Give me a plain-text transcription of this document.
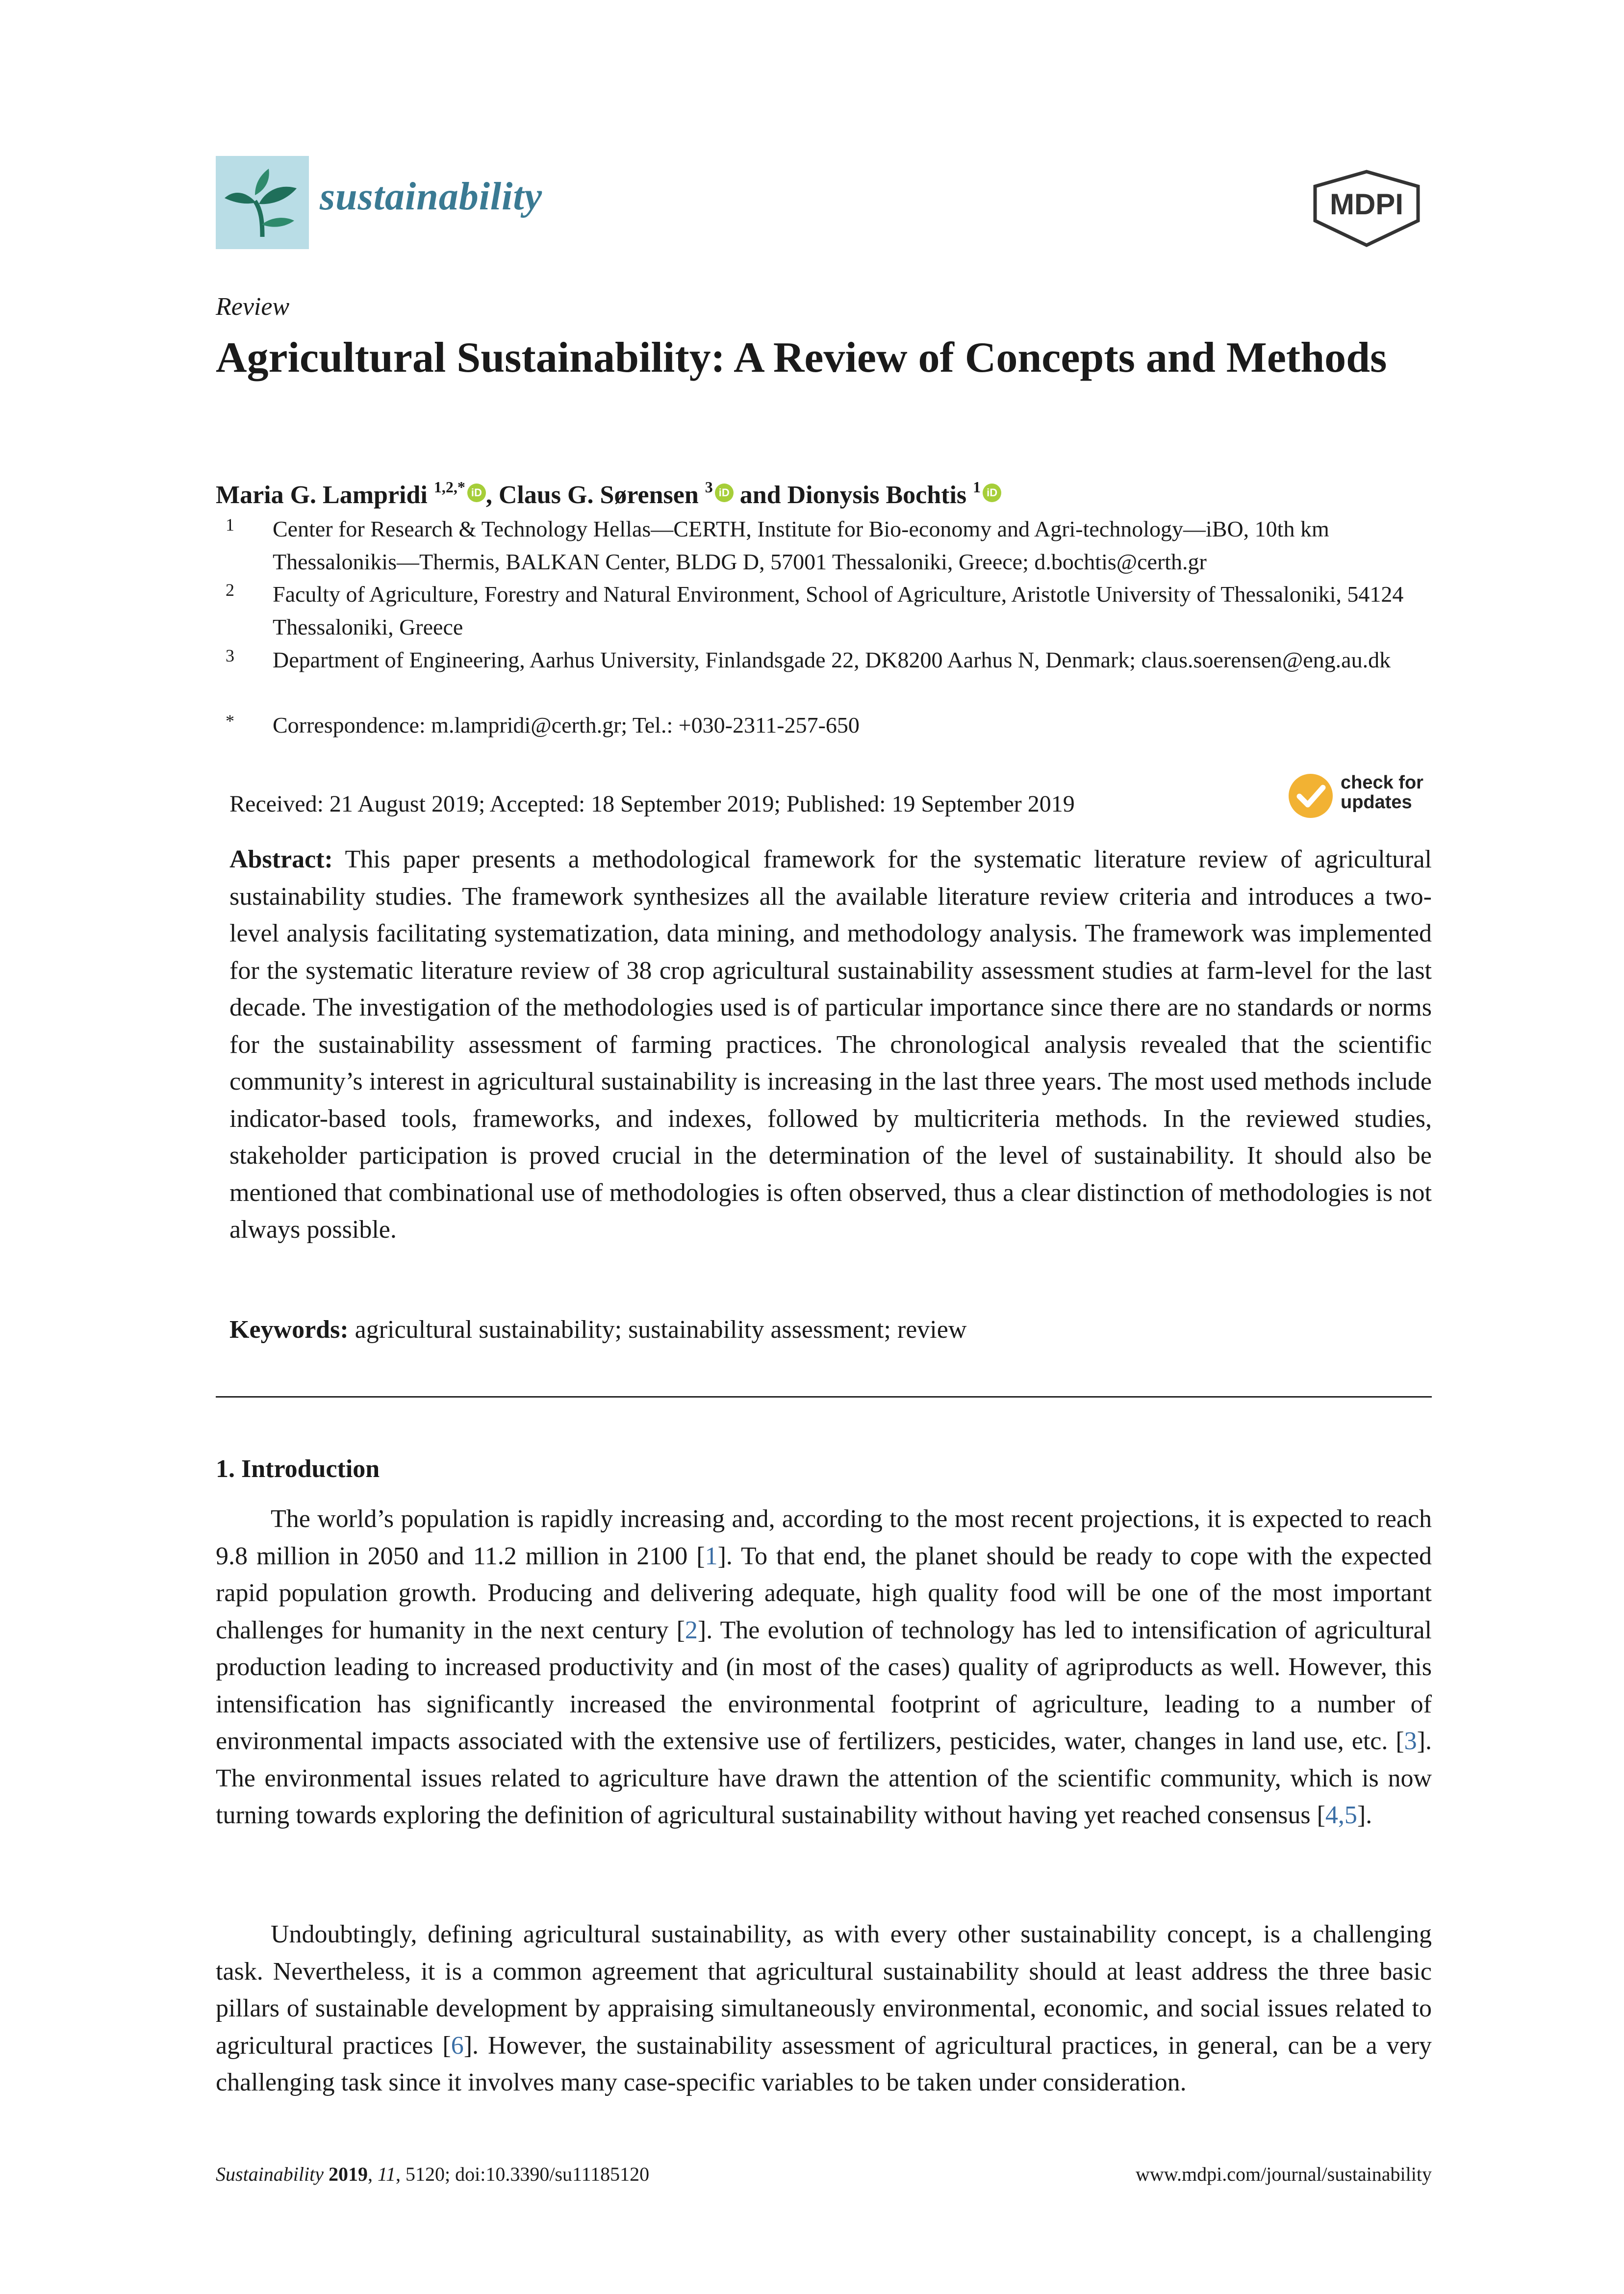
sustainability	MDPI
Review
Agricultural Sustainability: A Review of Concepts and Methods
Maria G. Lampridi $^{1,2,*}$ iD , Claus G. Sørensen $^3$ iD and Dionysis Bochtis $^1$ iD
1	Center for Research & Technology Hellas—CERTH, Institute for Bio-economy and Agri-technology—iBO, 10th km Thessalonikis—Thermis, BALKAN Center, BLDG D, 57001 Thessaloniki, Greece; d.bochtis@certh.gr
2	Faculty of Agriculture, Forestry and Natural Environment, School of Agriculture, Aristotle University of Thessaloniki, 54124 Thessaloniki, Greece
3	Department of Engineering, Aarhus University, Finlandsgade 22, DK8200 Aarhus N, Denmark; claus.soerensen@eng.au.dk
*	Correspondence: m.lampridi@certh.gr; Tel.: +030-2311-257-650
Received: 21 August 2019; Accepted: 18 September 2019; Published: 19 September 2019
check for
updates

Abstract: This paper presents a methodological framework for the systematic literature review of agricultural sustainability studies. The framework synthesizes all the available literature review criteria and introduces a two-level analysis facilitating systematization, data mining, and methodology analysis. The framework was implemented for the systematic literature review of 38 crop agricultural sustainability assessment studies at farm-level for the last decade. The investigation of the methodologies used is of particular importance since there are no standards or norms for the sustainability assessment of farming practices. The chronological analysis revealed that the scientific community’s interest in agricultural sustainability is increasing in the last three years. The most used methods include indicator-based tools, frameworks, and indexes, followed by multicriteria methods. In the reviewed studies, stakeholder participation is proved crucial in the determination of the level of sustainability. It should also be mentioned that combinational use of methodologies is often observed, thus a clear distinction of methodologies is not always possible.

Keywords: agricultural sustainability; sustainability assessment; review
1. Introduction

The world’s population is rapidly increasing and, according to the most recent projections, it is expected to reach 9.8 million in 2050 and 11.2 million in 2100 [1]. To that end, the planet should be ready to cope with the expected rapid population growth. Producing and delivering adequate, high quality food will be one of the most important challenges for humanity in the next century [2]. The evolution of technology has led to intensification of agricultural production leading to increased productivity and (in most of the cases) quality of agriproducts as well. However, this intensification has significantly increased the environmental footprint of agriculture, leading to a number of environmental impacts associated with the extensive use of fertilizers, pesticides, water, changes in land use, etc. [3]. The environmental issues related to agriculture have drawn the attention of the scientific community, which is now turning towards exploring the definition of agricultural sustainability without having yet reached consensus [4,5].

Undoubtingly, defining agricultural sustainability, as with every other sustainability concept, is a challenging task. Nevertheless, it is a common agreement that agricultural sustainability should at least address the three basic pillars of sustainable development by appraising simultaneously environmental, economic, and social issues related to agricultural practices [6]. However, the sustainability assessment of agricultural practices, in general, can be a very challenging task since it involves many case-specific variables to be taken under consideration.

Sustainability 2019, 11, 5120; doi:10.3390/su11185120	www.mdpi.com/journal/sustainability
